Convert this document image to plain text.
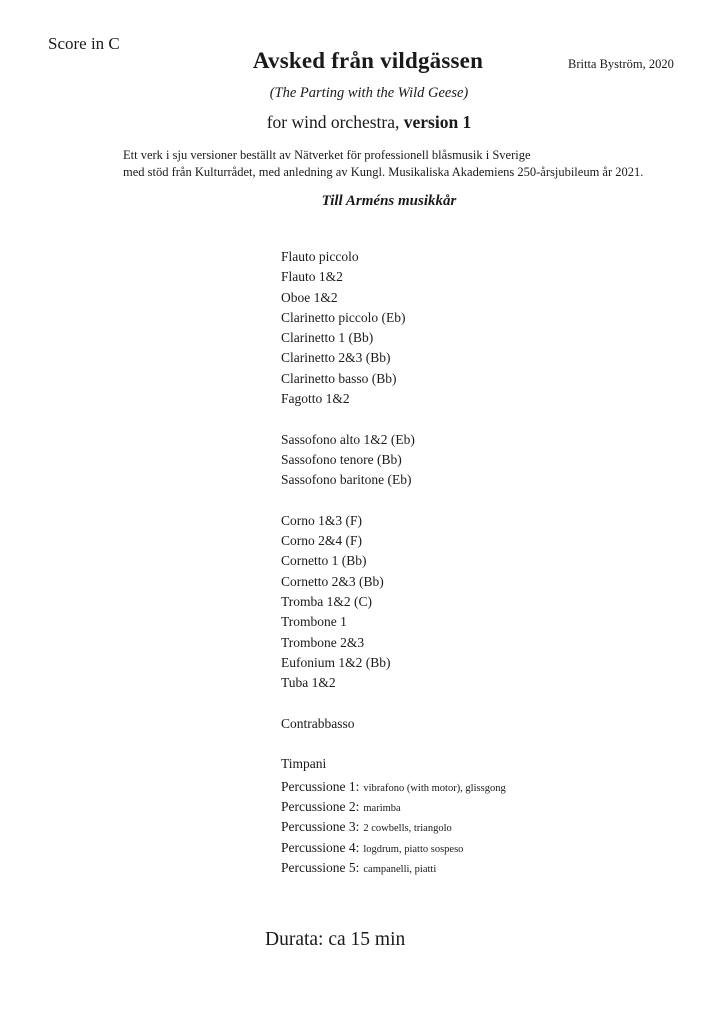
Score in C
Avsked från vildgässen	Britta Byström, 2020
(The Parting with the Wild Geese)
for wind orchestra, version 1
Ett verk i sju versioner beställt av Nätverket för professionell blåsmusik i Sverige
med stöd från Kulturrådet, med anledning av Kungl. Musikaliska Akademiens 250-årsjubileum år 2021.
Till Arméns musikkår
Flauto piccolo
Flauto 1&2
Oboe 1&2
Clarinetto piccolo (Eb)
Clarinetto 1 (Bb)
Clarinetto 2&3 (Bb)
Clarinetto basso (Bb)
Fagotto 1&2
Sassofono alto 1&2 (Eb)
Sassofono tenore (Bb)
Sassofono baritone (Eb)
Corno 1&3 (F)
Corno 2&4 (F)
Cornetto 1 (Bb)
Cornetto 2&3 (Bb)
Tromba 1&2 (C)
Trombone 1
Trombone 2&3
Eufonium 1&2 (Bb)
Tuba 1&2
Contrabbasso
Timpani
Percussione 1: vibrafono (with motor), glissgong
Percussione 2: marimba
Percussione 3: 2 cowbells, triangolo
Percussione 4: logdrum, piatto sospeso
Percussione 5: campanelli, piatti
Durata: ca 15 min
